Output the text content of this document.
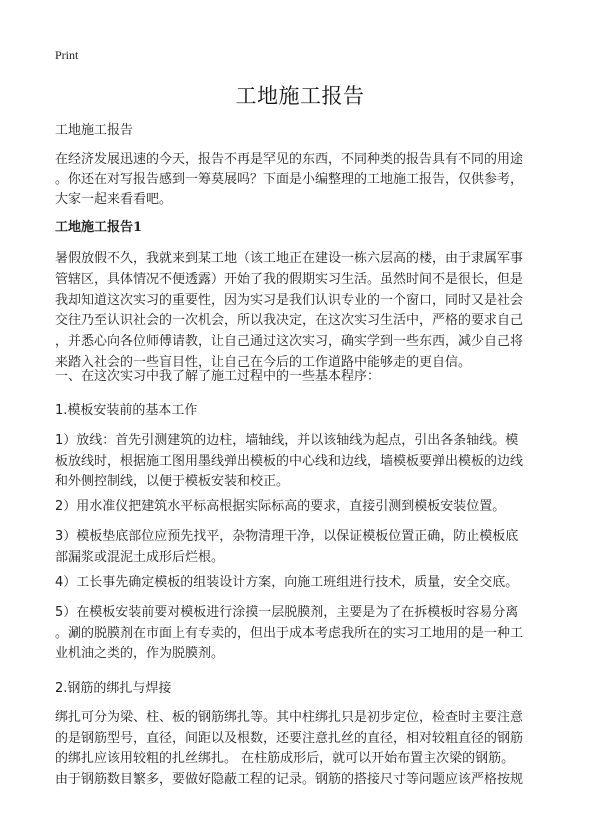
Print
工地施工报告
工地施工报告
在经济发展迅速的今天，报告不再是罕见的东西，不同种类的报告具有不同的用途
。你还在对写报告感到一筹莫展吗？下面是小编整理的工地施工报告，仅供参考，
大家一起来看看吧。
工地施工报告1
暑假放假不久，我就来到某工地（该工地正在建设一栋六层高的楼，由于隶属军事
管辖区，具体情况不便透露）开始了我的假期实习生活。虽然时间不是很长，但是
我却知道这次实习的重要性，因为实习是我们认识专业的一个窗口，同时又是社会
交往乃至认识社会的一次机会，所以我决定，在这次实习生活中，严格的要求自己
，并悉心向各位师傅请教，让自己通过这次实习，确实学到一些东西，减少自己将
来踏入社会的一些盲目性，让自己在今后的工作道路中能够走的更自信。
一、在这次实习中我了解了施工过程中的一些基本程序：
1.模板安装前的基本工作
1）放线：首先引测建筑的边柱，墙轴线，并以该轴线为起点，引出各条轴线。模
板放线时，根据施工图用墨线弹出模板的中心线和边线，墙模板要弹出模板的边线
和外侧控制线，以便于模板安装和校正。
2）用水准仪把建筑水平标高根据实际标高的要求，直接引测到模板安装位置。
3）模板垫底部位应预先找平，杂物清理干净，以保证模板位置正确，防止模板底
部漏浆或混泥土成形后烂根。
4）工长事先确定模板的组装设计方案，向施工班组进行技术，质量，安全交底。
5）在模板安装前要对模板进行涂摸一层脱膜剂，主要是为了在拆模板时容易分离
。涮的脱膜剂在市面上有专卖的，但出于成本考虑我所在的实习工地用的是一种工
业机油之类的，作为脱膜剂。
2.钢筋的绑扎与焊接
绑扎可分为梁、柱、板的钢筋绑扎等。其中柱绑扎只是初步定位，检查时主要注意
的是钢筋型号，直径，间距以及根数，还要注意扎丝的直径，相对较粗直径的钢筋
的绑扎应该用较粗的扎丝绑扎。 在柱筋成形后，就可以开始布置主次梁的钢筋。
由于钢筋数目繁多，要做好隐蔽工程的记录。钢筋的搭接尺寸等问题应该严格按规
